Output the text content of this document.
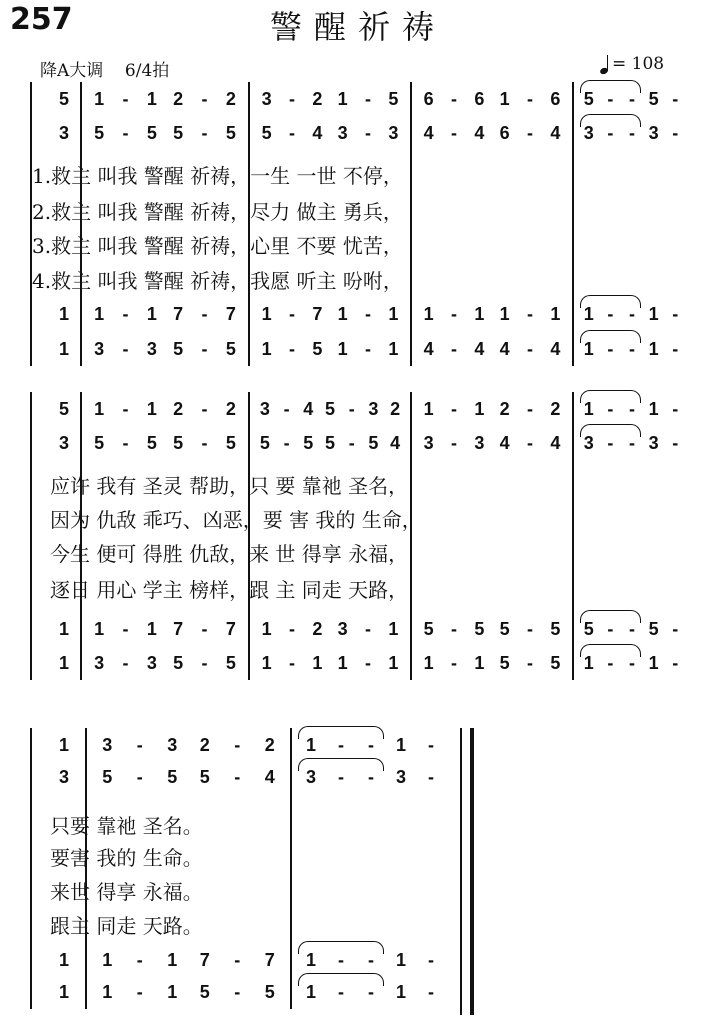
257	警醒祈祷
降A大调 6/4拍	= 108
5	1	-	1 2	-	2	3 - 2 1 - 5	6 - 6 1 - 6	5 - - 5 -
3	5	-	5 5	-	5	5 - 4 3 - 3	4 - 4 6 - 4	3 - - 3 -
1	1	-	1 7	-	7	1 - 7 1 - 1	1 - 1 1 - 1	1 - - 1 -
1	3	-	3 5	-	5	1 - 5 1 - 1	4 - 4 4 - 4	1 - - 1 -
1.救主 叫我 警醒 祈祷，一生 一世 不停，
2.救主 叫我 警醒 祈祷，尽力 做主 勇兵，
3.救主 叫我 警醒 祈祷，心里 不要 忧苦，
4.救主 叫我 警醒 祈祷，我愿 听主 吩咐，
5	1	-	1 2	-	2	3 - 4 5 - 3 2	1 - 1 2 - 2	1 - - 1 -
3	5	-	5 5	-	5	5 - 5 5 - 5 4	3 - 3 4 - 4	3 - - 3 -
1	1	-	1 7	-	7	1 - 2 3 - 1	5 - 5 5 - 5	5 - - 5 -
1	3	-	3 5	-	5	1 - 1 1 - 1	1 - 1 5 - 5	1 - - 1 -
应许 我有 圣灵 帮助，只 要 靠祂 圣名，
因为 仇敌 乖巧、凶恶，要 害 我的 生命，
今生 便可 得胜 仇敌，来 世 得享 永福，
逐日 用心 学主 榜样，跟 主 同走 天路，
1	3	-	3	2	-	2	1	-	-	1	-
3	5	-	5	5	-	4	3	-	-	3	-
1	1	-	1	7	-	7	1	-	-	1	-
1	1	-	1	5	-	5	1	-	-	1	-
只要 靠祂 圣名。
要害 我的 生命。
来世 得享 永福。
跟主 同走 天路。
